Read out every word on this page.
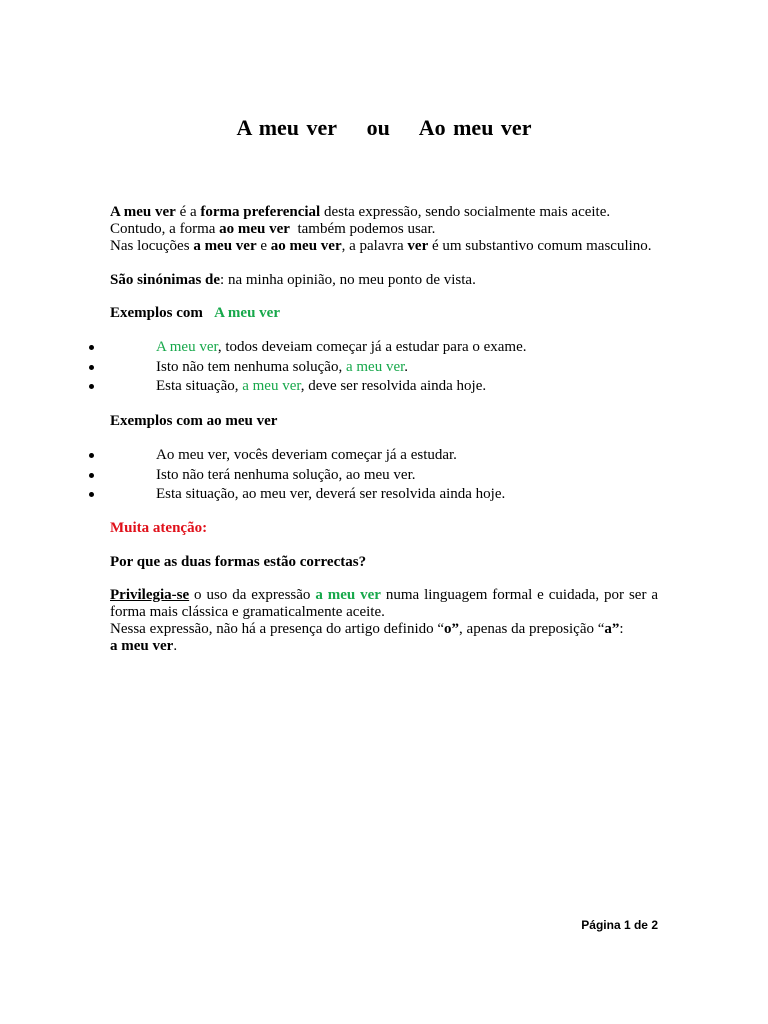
A meu ver ou Ao meu ver
A meu ver é a forma preferencial desta expressão, sendo socialmente mais aceite.
Contudo, a forma ao meu ver  também podemos usar.
Nas locuções a meu ver e ao meu ver, a palavra ver é um substantivo comum masculino.
São sinónimas de: na minha opinião, no meu ponto de vista.
Exemplos com A meu ver
A meu ver, todos deveiam começar já a estudar para o exame.
Isto não tem nenhuma solução, a meu ver.
Esta situação, a meu ver, deve ser resolvida ainda hoje.
Exemplos com ao meu ver
Ao meu ver, vocês deveriam começar já a estudar.
Isto não terá nenhuma solução, ao meu ver.
Esta situação, ao meu ver, deverá ser resolvida ainda hoje.
Muita atenção:
Por que as duas formas estão correctas?
Privilegia-se o uso da expressão a meu ver numa linguagem formal e cuidada, por ser a forma mais clássica e gramaticalmente aceite.
Nessa expressão, não há a presença do artigo definido “o”, apenas da preposição “a”:
a meu ver.
Página 1 de 2
